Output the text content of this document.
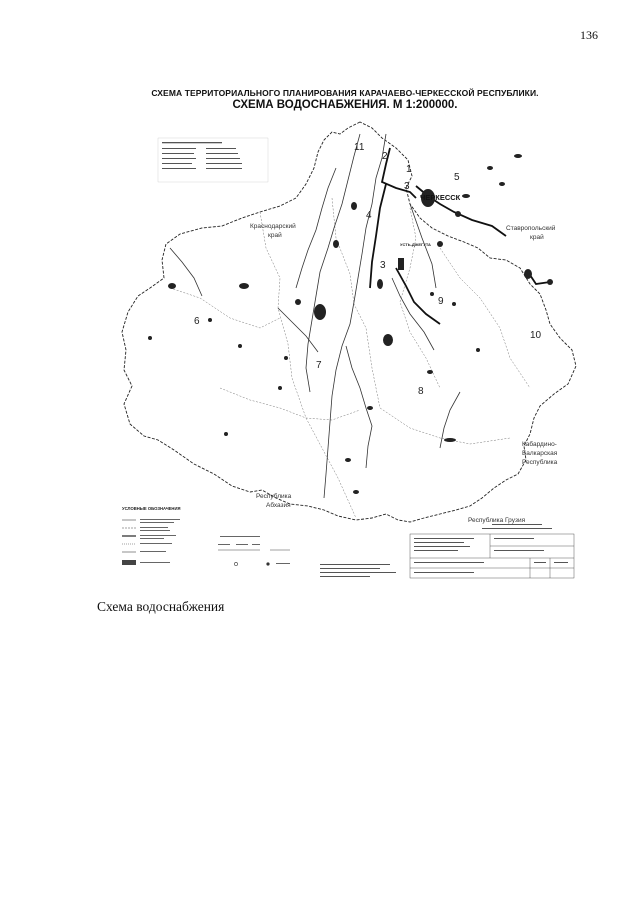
136
СХЕМА ТЕРРИТОРИАЛЬНОГО ПЛАНИРОВАНИЯ КАРАЧАЕВО-ЧЕРКЕССКОЙ РЕСПУБЛИКИ.
СХЕМА ВОДОСНАБЖЕНИЯ. М 1:200000.
1
2
3
3
4
5
6
7
8
9
10
11
ЧЕРКЕССК
УСТЬ-ДЖЕГУТА
Краснодарский
край
Ставропольский
край
Кабардино-
Балкарская
Республика
Республика
Абхазия
Республика Грузия
УСЛОВНЫЕ ОБОЗНАЧЕНИЯ
Схема водоснабжения
